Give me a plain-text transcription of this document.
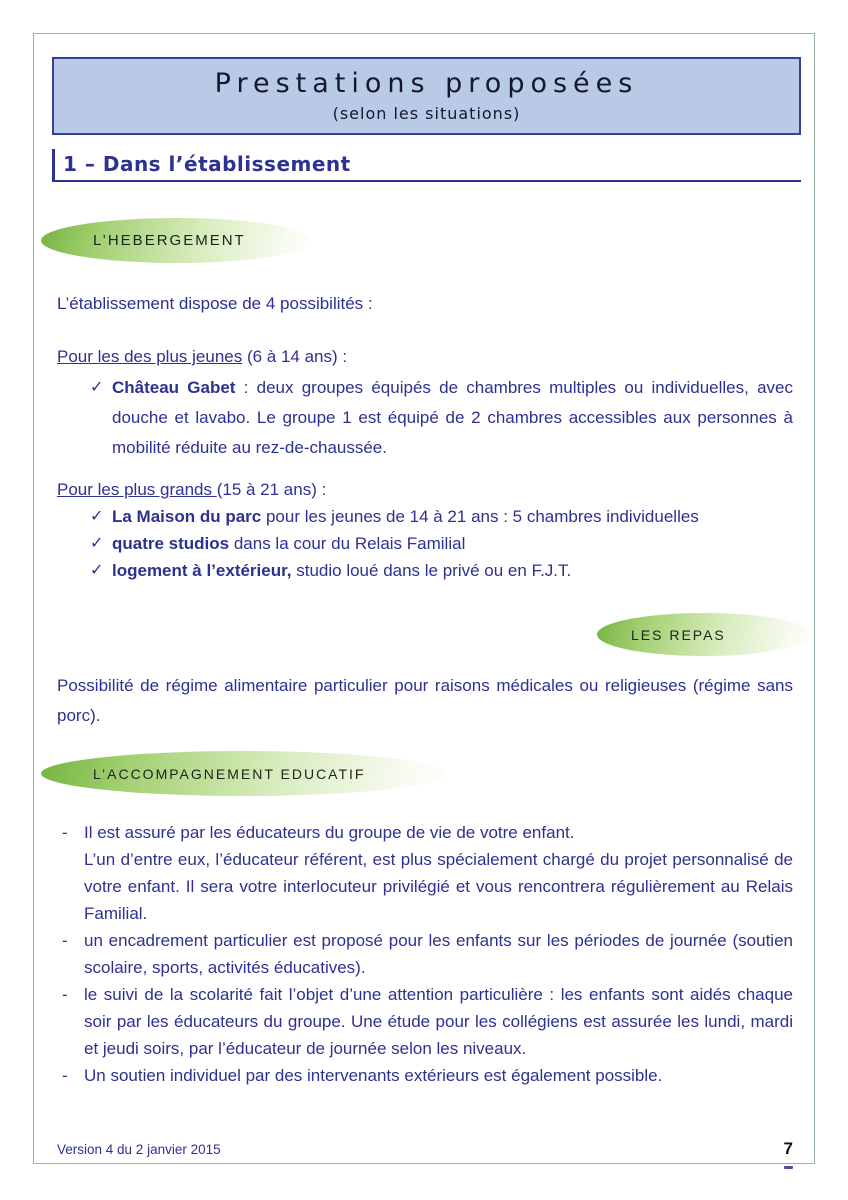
Prestations proposées
(selon les situations)
1 – Dans l’établissement
L’HEBERGEMENT
L’établissement dispose de 4 possibilités :
Pour les des plus jeunes (6 à 14 ans) :
✓ Château Gabet : deux groupes équipés de chambres multiples ou individuelles, avec douche et lavabo. Le groupe 1 est équipé de 2 chambres accessibles aux personnes à mobilité réduite au rez-de-chaussée.
Pour les plus grands (15 à 21 ans) :
✓ La Maison du parc pour les jeunes de 14 à 21 ans : 5 chambres individuelles
✓ quatre studios dans la cour du Relais Familial
✓ logement à l’extérieur, studio loué dans le privé ou en F.J.T.
LES REPAS
Possibilité de régime alimentaire particulier pour raisons médicales ou religieuses (régime sans porc).
L’ACCOMPAGNEMENT EDUCATIF
- Il est assuré par les éducateurs du groupe de vie de votre enfant.

L’un d’entre eux, l’éducateur référent, est plus spécialement chargé du projet personnalisé de votre enfant. Il sera votre interlocuteur privilégié et vous rencontrera régulièrement au Relais Familial.

- un encadrement particulier est proposé pour les enfants sur les périodes de journée (soutien scolaire, sports, activités éducatives).

- le suivi de la scolarité fait l’objet d’une attention particulière : les enfants sont aidés chaque soir par les éducateurs du groupe. Une étude pour les collégiens est assurée les lundi, mardi et jeudi soirs, par l’éducateur de journée selon les niveaux.

- Un soutien individuel par des intervenants extérieurs est également possible.

Version 4 du 2 janvier 2015	7
